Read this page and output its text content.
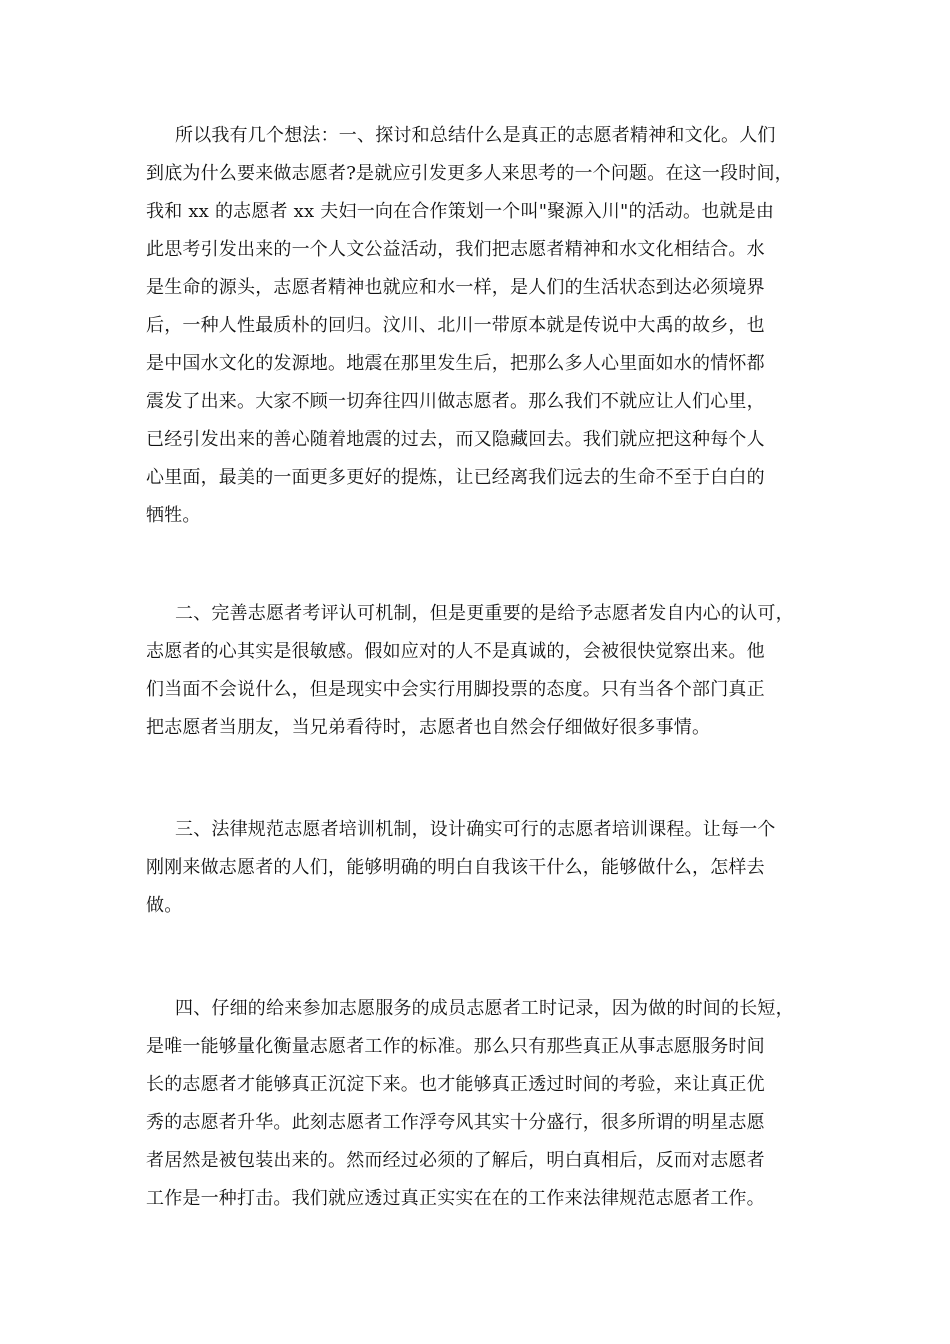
所以我有几个想法：一、探讨和总结什么是真正的志愿者精神和文化。人们
到底为什么要来做志愿者?是就应引发更多人来思考的一个问题。在这一段时间，
我和 xx 的志愿者 xx 夫妇一向在合作策划一个叫"聚源入川"的活动。也就是由
此思考引发出来的一个人文公益活动，我们把志愿者精神和水文化相结合。水
是生命的源头，志愿者精神也就应和水一样，是人们的生活状态到达必须境界
后，一种人性最质朴的回归。汶川、北川一带原本就是传说中大禹的故乡，也
是中国水文化的发源地。地震在那里发生后，把那么多人心里面如水的情怀都
震发了出来。大家不顾一切奔往四川做志愿者。那么我们不就应让人们心里，
已经引发出来的善心随着地震的过去，而又隐藏回去。我们就应把这种每个人
心里面，最美的一面更多更好的提炼，让已经离我们远去的生命不至于白白的
牺牲。
二、完善志愿者考评认可机制，但是更重要的是给予志愿者发自内心的认可，
志愿者的心其实是很敏感。假如应对的人不是真诚的，会被很快觉察出来。他
们当面不会说什么，但是现实中会实行用脚投票的态度。只有当各个部门真正
把志愿者当朋友，当兄弟看待时，志愿者也自然会仔细做好很多事情。
三、法律规范志愿者培训机制，设计确实可行的志愿者培训课程。让每一个
刚刚来做志愿者的人们，能够明确的明白自我该干什么，能够做什么，怎样去
做。
四、仔细的给来参加志愿服务的成员志愿者工时记录，因为做的时间的长短，
是唯一能够量化衡量志愿者工作的标准。那么只有那些真正从事志愿服务时间
长的志愿者才能够真正沉淀下来。也才能够真正透过时间的考验，来让真正优
秀的志愿者升华。此刻志愿者工作浮夸风其实十分盛行，很多所谓的明星志愿
者居然是被包装出来的。然而经过必须的了解后，明白真相后，反而对志愿者
工作是一种打击。我们就应透过真正实实在在的工作来法律规范志愿者工作。
